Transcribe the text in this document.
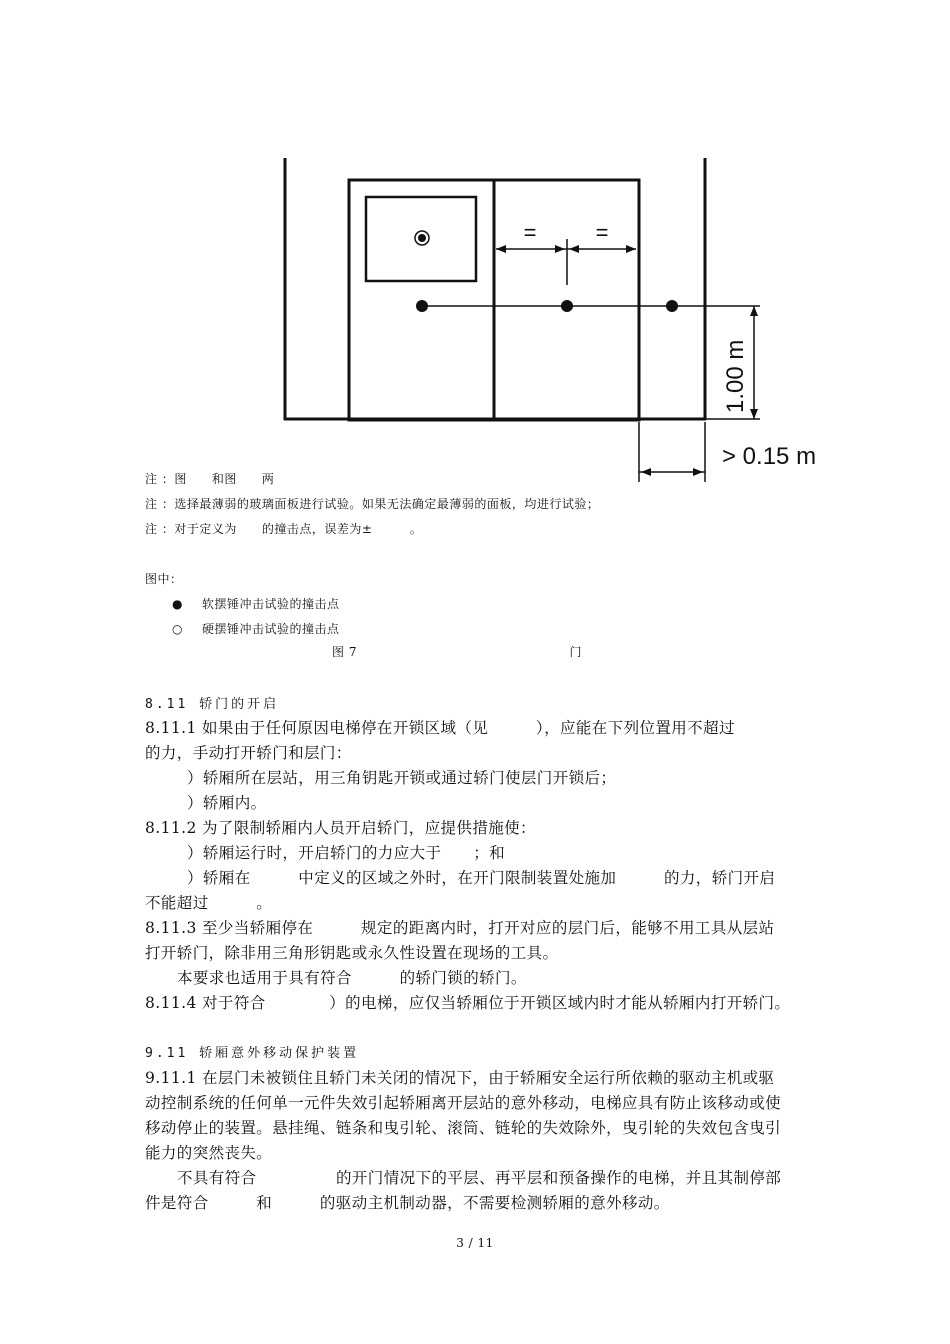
=	=
1.00 m
> 0.15 m
注 ：图　　和图　　两
注 ：选择最薄弱的玻璃面板进行试验。如果无法确定最薄弱的面板，均进行试验；
注 ：对于定义为　　的撞击点，误差为±　　　。
图中：
● 软摆锤冲击试验的撞击点
○ 硬摆锤冲击试验的撞击点
图 7　　　　　　　　　　　　　　　　　门　　　　
8.11 轿门的开启
8.11.1 如果由于任何原因电梯停在开锁区域（见　　　），应能在下列位置用不超过
的力，手动打开轿门和层门：
）轿厢所在层站，用三角钥匙开锁或通过轿门使层门开锁后；
）轿厢内。
8.11.2 为了限制轿厢内人员开启轿门，应提供措施使：
）轿厢运行时，开启轿门的力应大于　　；和
）轿厢在　　　中定义的区域之外时，在开门限制装置处施加　　　的力，轿门开启
不能超过　　　。
8.11.3 至少当轿厢停在　　　规定的距离内时，打开对应的层门后，能够不用工具从层站
打开轿门，除非用三角形钥匙或永久性设置在现场的工具。
本要求也适用于具有符合　　　的轿门锁的轿门。
8.11.4 对于符合　　　　）的电梯，应仅当轿厢位于开锁区域内时才能从轿厢内打开轿门。
9.11 轿厢意外移动保护装置
9.11.1 在层门未被锁住且轿门未关闭的情况下，由于轿厢安全运行所依赖的驱动主机或驱
动控制系统的任何单一元件失效引起轿厢离开层站的意外移动，电梯应具有防止该移动或使
移动停止的装置。悬挂绳、链条和曳引轮、滚筒、链轮的失效除外，曳引轮的失效包含曳引
能力的突然丧失。
不具有符合　　　　　的开门情况下的平层、再平层和预备操作的电梯，并且其制停部
件是符合　　　和　　　的驱动主机制动器，不需要检测轿厢的意外移动。
3 / 11
